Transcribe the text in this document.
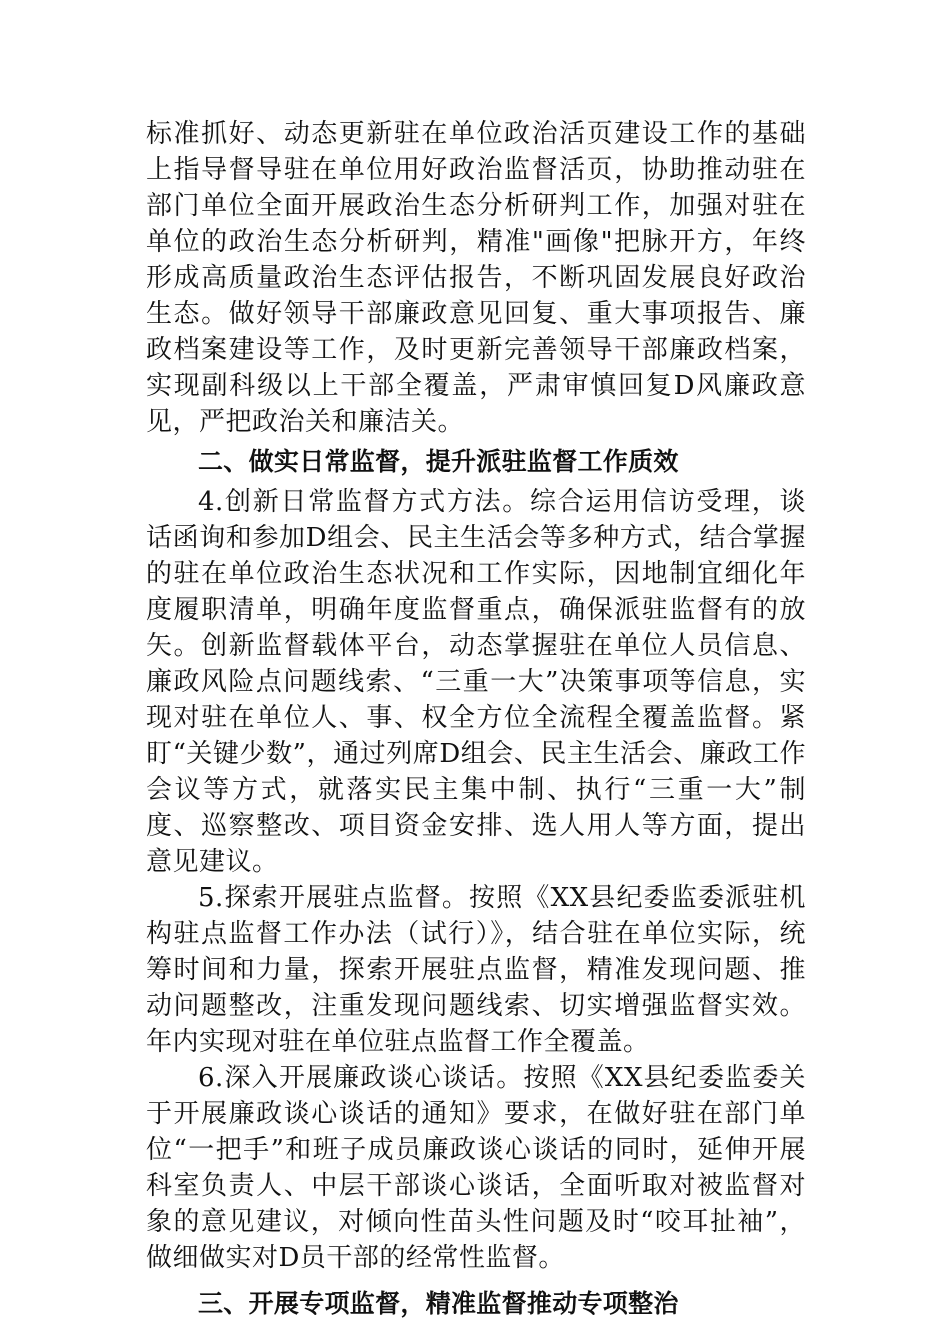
标准抓好、动态更新驻在单位政治活页建设工作的基础上指导督导驻在单位用好政治监督活页，协助推动驻在部门单位全面开展政治生态分析研判工作，加强对驻在单位的政治生态分析研判，精准"画像"把脉开方，年终形成高质量政治生态评估报告，不断巩固发展良好政治生态。做好领导干部廉政意见回复、重大事项报告、廉政档案建设等工作，及时更新完善领导干部廉政档案，实现副科级以上干部全覆盖，严肃审慎回复D风廉政意见，严把政治关和廉洁关。

二、做实日常监督，提升派驻监督工作质效

4.创新日常监督方式方法。综合运用信访受理，谈话函询和参加D组会、民主生活会等多种方式，结合掌握的驻在单位政治生态状况和工作实际，因地制宜细化年度履职清单，明确年度监督重点，确保派驻监督有的放矢。创新监督载体平台，动态掌握驻在单位人员信息、廉政风险点问题线索、“三重一大”决策事项等信息，实现对驻在单位人、事、权全方位全流程全覆盖监督。紧盯“关键少数”，通过列席D组会、民主生活会、廉政工作会议等方式，就落实民主集中制、执行“三重一大”制度、巡察整改、项目资金安排、选人用人等方面，提出意见建议。

5.探索开展驻点监督。按照《XX县纪委监委派驻机构驻点监督工作办法（试行）》，结合驻在单位实际，统筹时间和力量，探索开展驻点监督，精准发现问题、推动问题整改，注重发现问题线索、切实增强监督实效。年内实现对驻在单位驻点监督工作全覆盖。

6.深入开展廉政谈心谈话。按照《XX县纪委监委关于开展廉政谈心谈话的通知》要求，在做好驻在部门单位“一把手”和班子成员廉政谈心谈话的同时，延伸开展科室负责人、中层干部谈心谈话，全面听取对被监督对象的意见建议，对倾向性苗头性问题及时“咬耳扯袖”，做细做实对D员干部的经常性监督。

三、开展专项监督，精准监督推动专项整治
